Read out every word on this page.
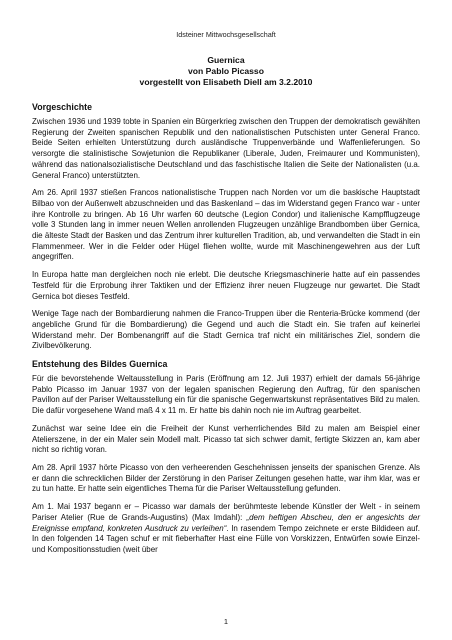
Idsteiner Mittwochsgesellschaft
Guernica
von Pablo Picasso
vorgestellt von Elisabeth Diell am 3.2.2010
Vorgeschichte

Zwischen 1936 und 1939 tobte in Spanien ein Bürgerkrieg zwischen den Truppen der demokratisch gewählten Regierung der Zweiten spanischen Republik und den nationalistischen Putschisten unter General Franco. Beide Seiten erhielten Unterstützung durch ausländische Truppenverbände und Waffenlieferungen. So versorgte die stalinistische Sowjetunion die Republikaner (Liberale, Juden, Freimaurer und Kommunisten), während das nationalsozialistische Deutschland und das faschistische Italien die Seite der Nationalisten (u.a. General Franco) unterstützten.

Am 26. April 1937 stießen Francos nationalistische Truppen nach Norden vor um die baskische Hauptstadt Bilbao von der Außenwelt abzuschneiden und das Baskenland – das im Widerstand gegen Franco war - unter ihre Kontrolle zu bringen. Ab 16 Uhr warfen 60 deutsche (Legion Condor) und italienische Kampfflugzeuge volle 3 Stunden lang in immer neuen Wellen anrollenden Flugzeugen unzählige Brandbomben über Gernica, die älteste Stadt der Basken und das Zentrum ihrer kulturellen Tradition, ab, und verwandelten die Stadt in ein Flammenmeer. Wer in die Felder oder Hügel fliehen wollte, wurde mit Maschinengewehren aus der Luft angegriffen.

In Europa hatte man dergleichen noch nie erlebt. Die deutsche Kriegsmaschinerie hatte auf ein passendes Testfeld für die Erprobung ihrer Taktiken und der Effizienz ihrer neuen Flugzeuge nur gewartet. Die Stadt Gernica bot dieses Testfeld.

Wenige Tage nach der Bombardierung nahmen die Franco-Truppen über die Renteria-Brücke kommend (der angebliche Grund für die Bombardierung) die Gegend und auch die Stadt ein. Sie trafen auf keinerlei Widerstand mehr. Der Bombenangriff auf die Stadt Gernica traf nicht ein militärisches Ziel, sondern die Zivilbevölkerung.

Entstehung des Bildes Guernica

Für die bevorstehende Weltausstellung in Paris (Eröffnung am 12. Juli 1937) erhielt der damals 56-jährige Pablo Picasso im Januar 1937 von der legalen spanischen Regierung den Auftrag, für den spanischen Pavillon auf der Pariser Weltausstellung ein für die spanische Gegenwartskunst repräsentatives Bild zu malen. Die dafür vorgesehene Wand maß 4 x 11 m. Er hatte bis dahin noch nie im Auftrag gearbeitet.

Zunächst war seine Idee ein die Freiheit der Kunst verherrlichendes Bild zu malen am Beispiel einer Atelierszene, in der ein Maler sein Modell malt. Picasso tat sich schwer damit, fertigte Skizzen an, kam aber nicht so richtig voran.

Am 28. April 1937 hörte Picasso von den verheerenden Geschehnissen jenseits der spanischen Grenze. Als er dann die schrecklichen Bilder der Zerstörung in den Pariser Zeitungen gesehen hatte, war ihm klar, was er zu tun hatte. Er hatte sein eigentliches Thema für die Pariser Weltausstellung gefunden.

Am 1. Mai 1937 begann er – Picasso war damals der berühmteste lebende Künstler der Welt - in seinem Pariser Atelier (Rue de Grands-Augustins) (Max Imdahl): „dem heftigen Abscheu, den er angesichts der Ereignisse empfand, konkreten Ausdruck zu verleihen“. In rasendem Tempo zeichnete er erste Bildideen auf. In den folgenden 14 Tagen schuf er mit fieberhafter Hast eine Fülle von Vorskizzen, Entwürfen sowie Einzel- und Kompositionsstudien (weit über

1
